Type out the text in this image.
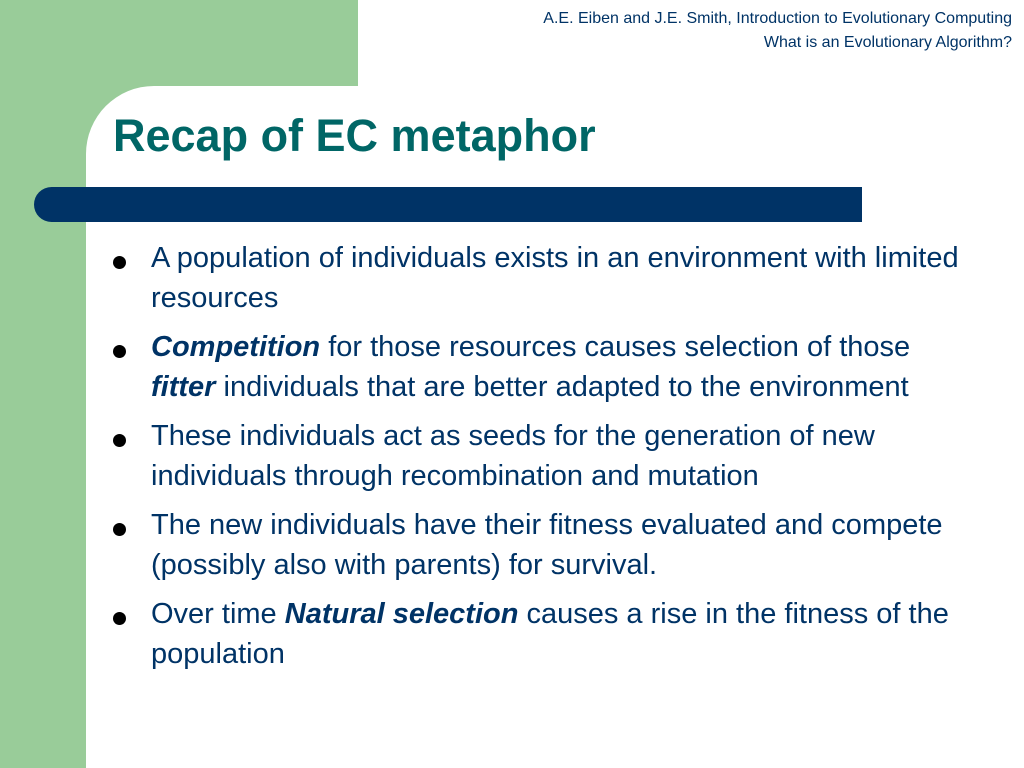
A.E. Eiben and J.E. Smith, Introduction to Evolutionary Computing
What is an Evolutionary Algorithm?
Recap of EC metaphor
A population of individuals exists in an environment with limited resources
Competition for those resources causes selection of those fitter individuals that are better adapted to the environment
These individuals act as seeds for the generation of new individuals through recombination and mutation
The new individuals have their fitness evaluated and compete (possibly also with parents) for survival.
Over time Natural selection causes a rise in the fitness of the population
